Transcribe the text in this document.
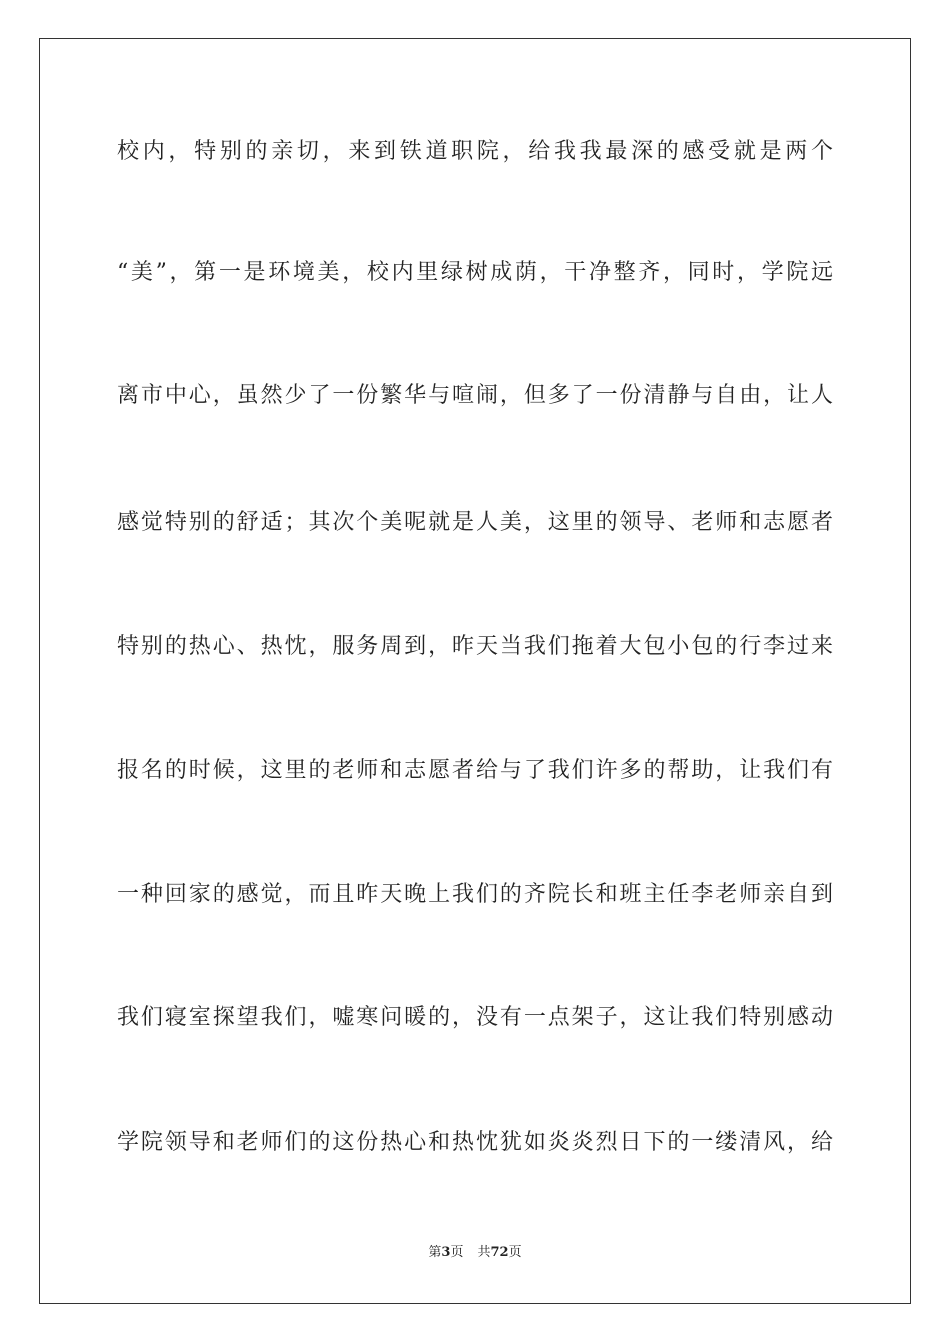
校内，特别的亲切，来到铁道职院，给我我最深的感受就是两个
“美”，第一是环境美，校内里绿树成荫，干净整齐，同时，学院远
离市中心，虽然少了一份繁华与喧闹，但多了一份清静与自由，让人
感觉特别的舒适；其次个美呢就是人美，这里的领导、老师和志愿者
特别的热心、热忱，服务周到，昨天当我们拖着大包小包的行李过来
报名的时候，这里的老师和志愿者给与了我们许多的帮助，让我们有
一种回家的感觉，而且昨天晚上我们的齐院长和班主任李老师亲自到
我们寝室探望我们，嘘寒问暖的，没有一点架子，这让我们特别感动
学院领导和老师们的这份热心和热忱犹如炎炎烈日下的一缕清风，给
第3页 共72页
